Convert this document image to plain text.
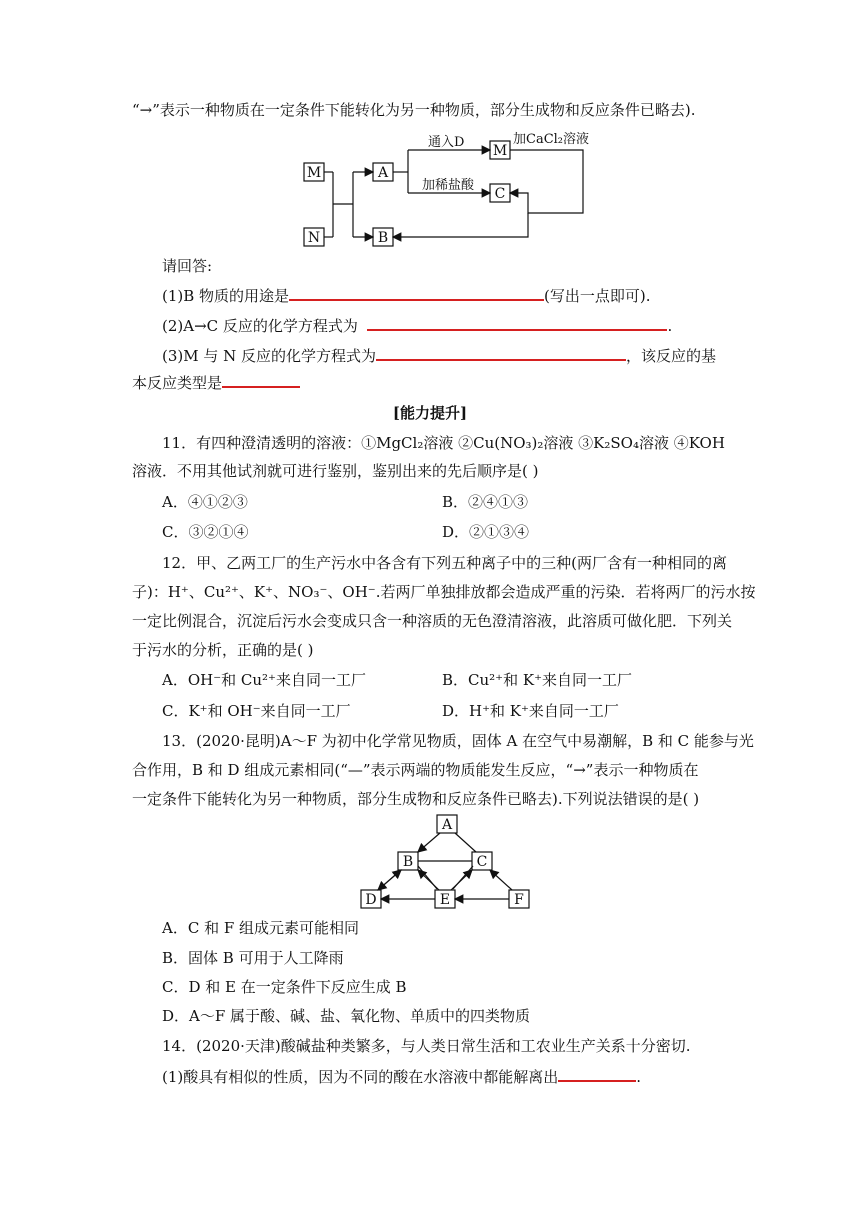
“→”表示一种物质在一定条件下能转化为另一种物质，部分生成物和反应条件已略去).
M
N
A
B
M
C
通入D	加CaCl₂溶液
加稀盐酸
请回答:
(1)B 物质的用途是	(写出一点即可).
(2)A→C 反应的化学方程式为	.
(3)M 与 N 反应的化学方程式为	，该反应的基
本反应类型是
[能力提升]
11．有四种澄清透明的溶液：①MgCl₂溶液 ②Cu(NO₃)₂溶液 ③K₂SO₄溶液 ④KOH
溶液．不用其他试剂就可进行鉴别，鉴别出来的先后顺序是( )
A．④①②③	B．②④①③
C．③②①④	D．②①③④
12．甲、乙两工厂的生产污水中各含有下列五种离子中的三种(两厂含有一种相同的离
子)：H⁺、Cu²⁺、K⁺、NO₃⁻、OH⁻.若两厂单独排放都会造成严重的污染．若将两厂的污水按
一定比例混合，沉淀后污水会变成只含一种溶质的无色澄清溶液，此溶质可做化肥．下列关
于污水的分析，正确的是( )
A．OH⁻和 Cu²⁺来自同一工厂	B．Cu²⁺和 K⁺来自同一工厂
C．K⁺和 OH⁻来自同一工厂	D．H⁺和 K⁺来自同一工厂
13．(2020·昆明)A～F 为初中化学常见物质，固体 A 在空气中易潮解，B 和 C 能参与光
合作用，B 和 D 组成元素相同(“—”表示两端的物质能发生反应，“→”表示一种物质在
一定条件下能转化为另一种物质，部分生成物和反应条件已略去).下列说法错误的是( )
A
B	C
D	E	F
A．C 和 F 组成元素可能相同
B．固体 B 可用于人工降雨
C．D 和 E 在一定条件下反应生成 B
D．A～F 属于酸、碱、盐、氧化物、单质中的四类物质
14．(2020·天津)酸碱盐种类繁多，与人类日常生活和工农业生产关系十分密切.
(1)酸具有相似的性质，因为不同的酸在水溶液中都能解离出	.
